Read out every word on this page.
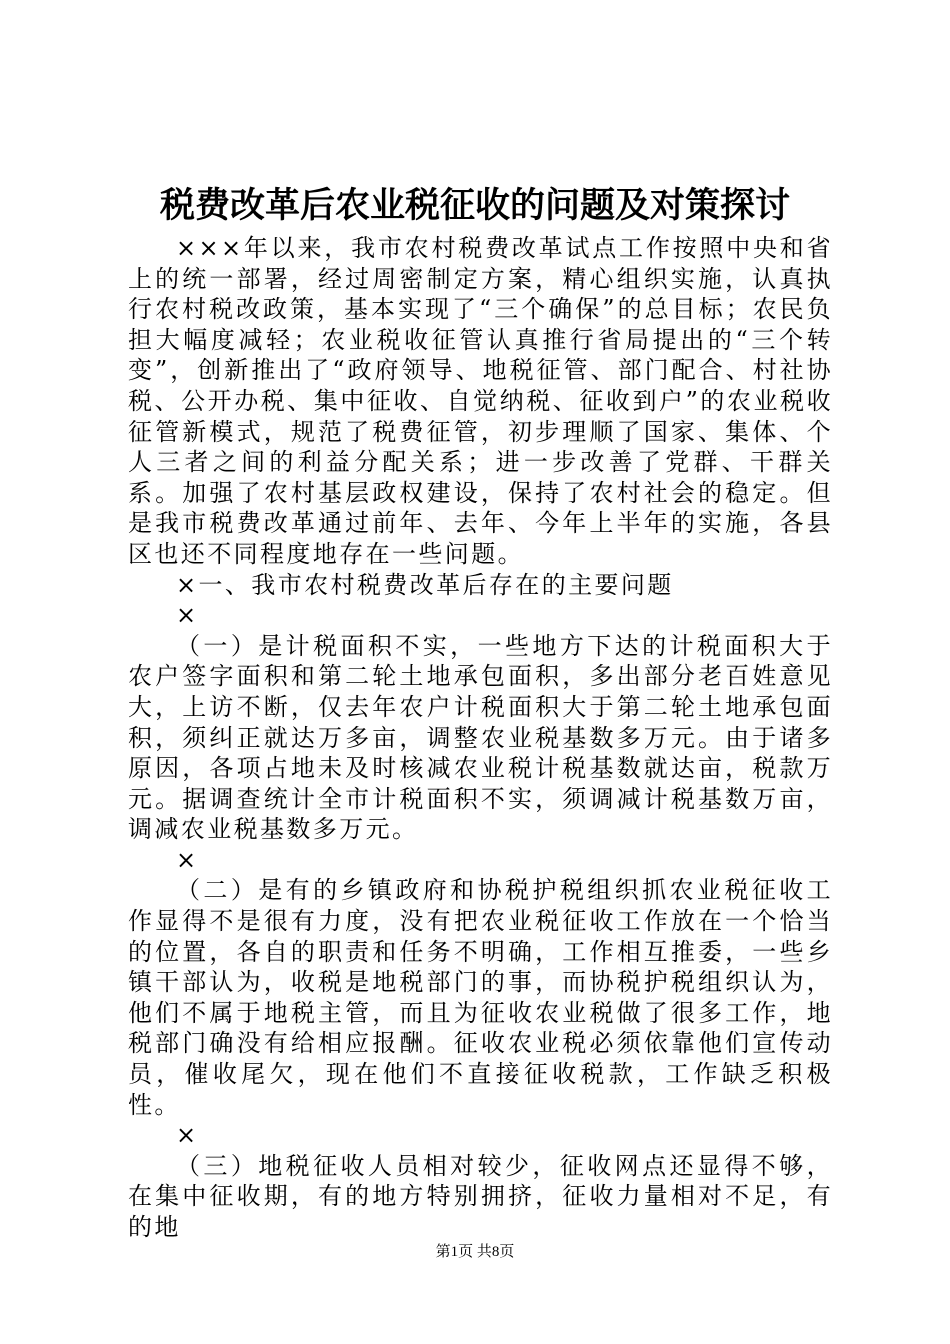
税费改革后农业税征收的问题及对策探讨

×××年以来，我市农村税费改革试点工作按照中央和省上的统一部署，经过周密制定方案，精心组织实施，认真执行农村税改政策，基本实现了“三个确保”的总目标；农民负担大幅度减轻；农业税收征管认真推行省局提出的“三个转变”，创新推出了“政府领导、地税征管、部门配合、村社协税、公开办税、集中征收、自觉纳税、征收到户”的农业税收征管新模式，规范了税费征管，初步理顺了国家、集体、个人三者之间的利益分配关系；进一步改善了党群、干群关系。加强了农村基层政权建设，保持了农村社会的稳定。但是我市税费改革通过前年、去年、今年上半年的实施，各县区也还不同程度地存在一些问题。

×一、我市农村税费改革后存在的主要问题

×

（一）是计税面积不实，一些地方下达的计税面积大于农户签字面积和第二轮土地承包面积，多出部分老百姓意见大，上访不断，仅去年农户计税面积大于第二轮土地承包面积，须纠正就达万多亩，调整农业税基数多万元。由于诸多原因，各项占地未及时核减农业税计税基数就达亩，税款万元。据调查统计全市计税面积不实，须调减计税基数万亩，调减农业税基数多万元。

×

（二）是有的乡镇政府和协税护税组织抓农业税征收工作显得不是很有力度，没有把农业税征收工作放在一个恰当的位置，各自的职责和任务不明确，工作相互推委，一些乡镇干部认为，收税是地税部门的事，而协税护税组织认为，他们不属于地税主管，而且为征收农业税做了很多工作，地税部门确没有给相应报酬。征收农业税必须依靠他们宣传动员，催收尾欠，现在他们不直接征收税款，工作缺乏积极性。

×

（三）地税征收人员相对较少，征收网点还显得不够，在集中征收期，有的地方特别拥挤，征收力量相对不足，有的地

第1页 共8页
